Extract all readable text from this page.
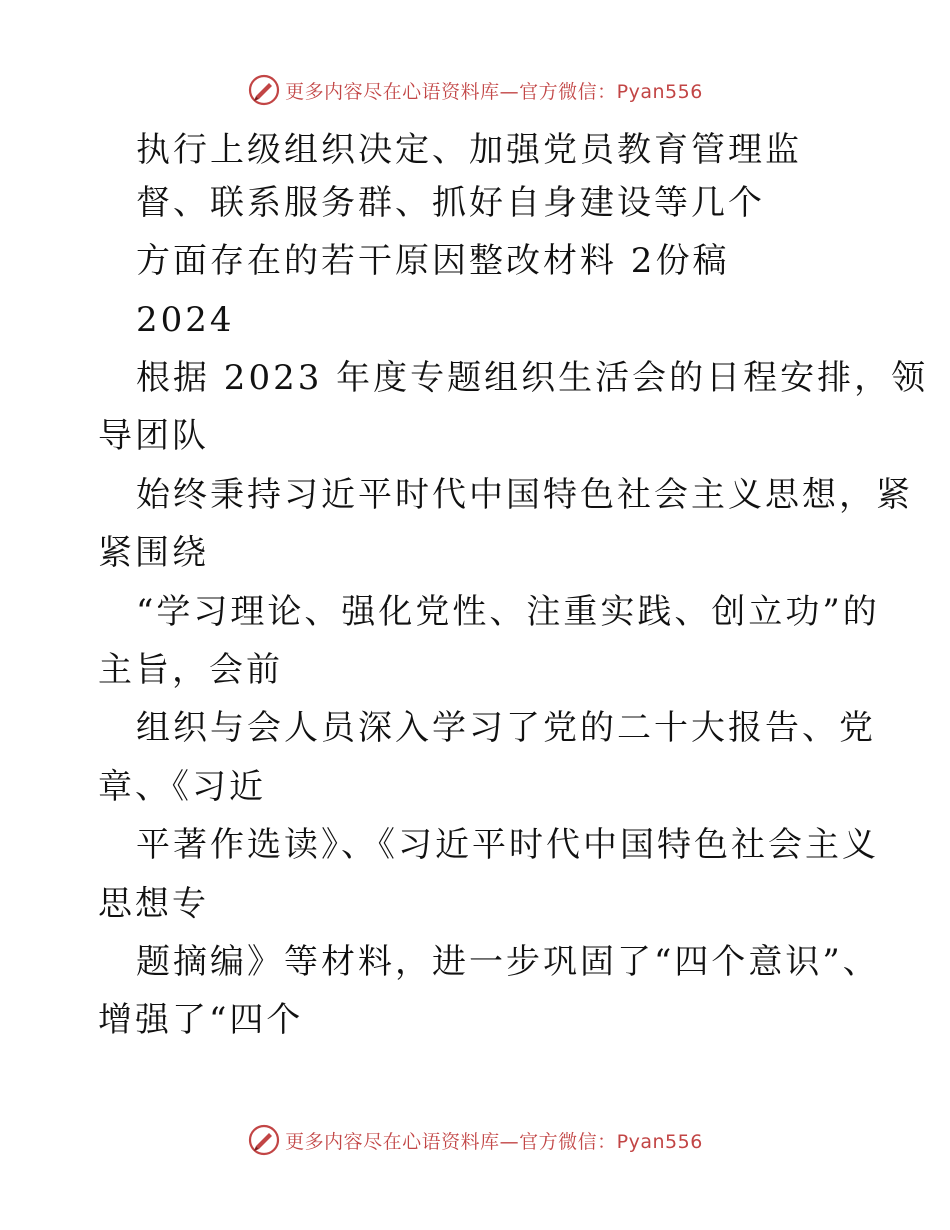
更多内容尽在心语资料库—官方微信：Pyan556
执行上级组织决定、加强党员教育管理监
督、联系服务群、抓好自身建设等几个
方面存在的若干原因整改材料 2份稿
2024
根据 2023 年度专题组织生活会的日程安排，领
导团队
始终秉持习近平时代中国特色社会主义思想，紧
紧围绕
“学习理论、强化党性、注重实践、创立功”的
主旨，会前
组织与会人员深入学习了党的二十大报告、党
章、《习近
平著作选读》、《习近平时代中国特色社会主义
思想专
题摘编》等材料，进一步巩固了“四个意识”、
增强了“四个
更多内容尽在心语资料库—官方微信：Pyan556
